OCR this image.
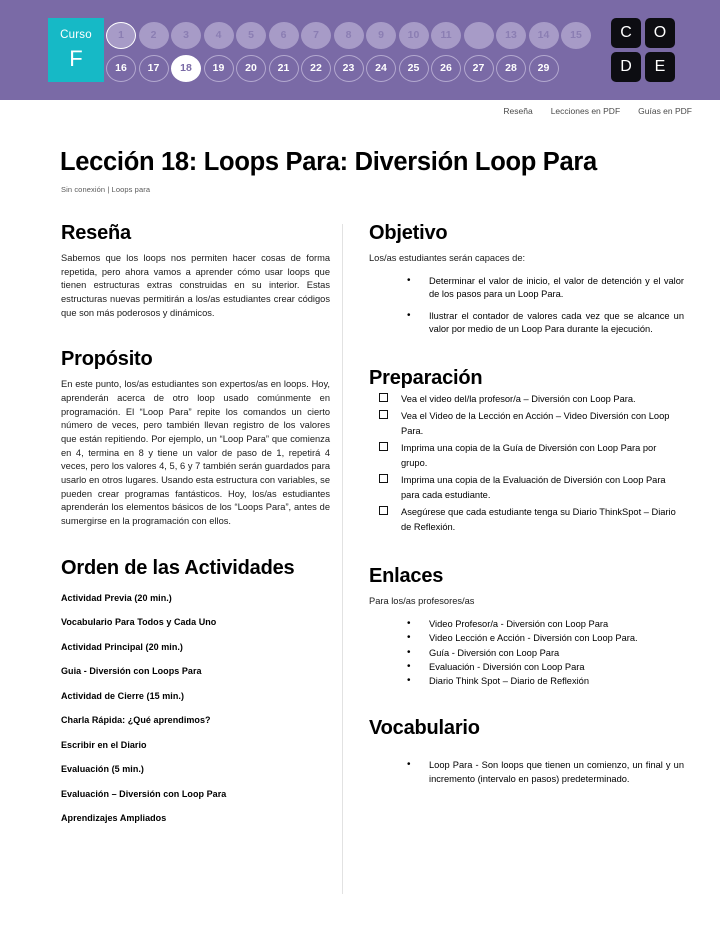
Curso
F
1	2	3	4	5	6	7	8	9	10	11	13	14	15
16	17	18	19	20	21	22	23	24	25	26	27	28	29
C	O
D	E
Reseña Lecciones en PDF Guías en PDF
Lección 18: Loops Para: Diversión Loop Para
Sin conexión | Loops para
Reseña

Sabemos que los loops nos permiten hacer cosas de forma repetida, pero ahora vamos a aprender cómo usar loops que tienen estructuras extras construidas en su interior. Estas estructuras nuevas permitirán a los/as estudiantes crear códigos que son más poderosos y dinámicos.

Propósito

En este punto, los/as estudiantes son expertos/as en loops. Hoy, aprenderán acerca de otro loop usado comúnmente en programación. El “Loop Para” repite los comandos un cierto número de veces, pero también llevan registro de los valores que están repitiendo. Por ejemplo, un “Loop Para” que comienza en 4, termina en 8 y tiene un valor de paso de 1, repetirá 4 veces, pero los valores 4, 5, 6 y 7 también serán guardados para usarlo en otros lugares. Usando esta estructura con variables, se pueden crear programas fantásticos. Hoy, los/as estudiantes aprenderán los elementos básicos de los “Loops Para”, antes de sumergirse en la programación con ellos.

Orden de las Actividades
Actividad Previa (20 min.)
Vocabulario Para Todos y Cada Uno
Actividad Principal (20 min.)
Guia - Diversión con Loops Para
Actividad de Cierre (15 min.)
Charla Rápida: ¿Qué aprendimos?
Escribir en el Diario
Evaluación (5 min.)
Evaluación – Diversión con Loop Para
Aprendizajes Ampliados
Objetivo

Los/as estudiantes serán capaces de:

• Determinar el valor de inicio, el valor de detención y el valor de los pasos para un Loop Para.
• Ilustrar el contador de valores cada vez que se alcance un valor por medio de un Loop Para durante la ejecución.
Preparación
❯ Vea el video del/la profesor/a – Diversión con Loop Para.
❯ Vea el Video de la Lección en Acción – Video Diversión con Loop Para.
❯ Imprima una copia de la Guía de Diversión con Loop Para por grupo.
❯ Imprima una copia de la Evaluación de Diversión con Loop Para para cada estudiante.
❯ Asegúrese que cada estudiante tenga su Diario ThinkSpot – Diario de Reflexión.
Enlaces

Para los/as profesores/as

• Video Profesor/a - Diversión con Loop Para
• Video Lección e Acción - Diversión con Loop Para.
• Guía - Diversión con Loop Para
• Evaluación - Diversión con Loop Para
• Diario Think Spot – Diario de Reflexión
Vocabulario
• Loop Para - Son loops que tienen un comienzo, un final y un incremento (intervalo en pasos) predeterminado.
